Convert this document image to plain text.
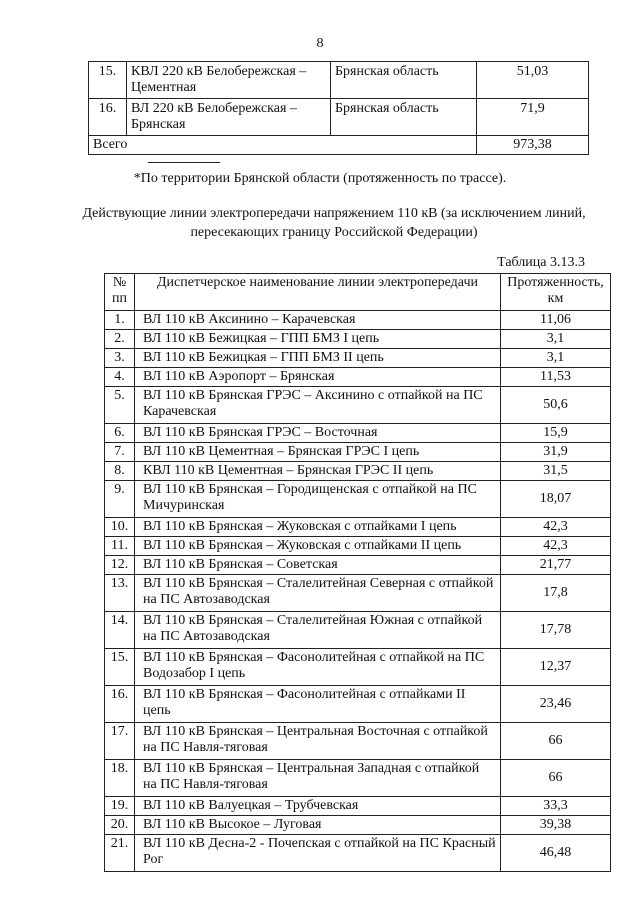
8
15.	КВЛ 220 кВ Белобережская – Цементная	Брянская область	51,03
16.	ВЛ 220 кВ Белобережская – Брянская	Брянская область	71,9
Всего			973,38
*По территории Брянской области (протяженность по трассе).
Действующие линии электропередачи напряжением 110 кВ (за исключением линий, пересекающих границу Российской Федерации)
Таблица 3.13.3
№ пп	Диспетчерское наименование линии электропередачи	Протяженность, км
1.	ВЛ 110 кВ Аксинино – Карачевская	11,06
2.	ВЛ 110 кВ Бежицкая – ГПП БМЗ I цепь	3,1
3.	ВЛ 110 кВ Бежицкая – ГПП БМЗ II цепь	3,1
4.	ВЛ 110 кВ Аэропорт – Брянская	11,53
5.	ВЛ 110 кВ Брянская ГРЭС – Аксинино с отпайкой на ПС Карачевская	50,6
6.	ВЛ 110 кВ Брянская ГРЭС – Восточная	15,9
7.	ВЛ 110 кВ Цементная – Брянская ГРЭС I цепь	31,9
8.	КВЛ 110 кВ Цементная – Брянская ГРЭС II цепь	31,5
9.	ВЛ 110 кВ Брянская – Городищенская с отпайкой на ПС Мичуринская	18,07
10.	ВЛ 110 кВ Брянская – Жуковская с отпайками I цепь	42,3
11.	ВЛ 110 кВ Брянская – Жуковская с отпайками II цепь	42,3
12.	ВЛ 110 кВ Брянская – Советская	21,77
13.	ВЛ 110 кВ Брянская – Сталелитейная Северная с отпайкой на ПС Автозаводская	17,8
14.	ВЛ 110 кВ Брянская – Сталелитейная Южная с отпайкой на ПС Автозаводская	17,78
15.	ВЛ 110 кВ Брянская – Фасонолитейная с отпайкой на ПС Водозабор I цепь	12,37
16.	ВЛ 110 кВ Брянская – Фасонолитейная с отпайками II цепь	23,46
17.	ВЛ 110 кВ Брянская – Центральная Восточная с отпайкой на ПС Навля-тяговая	66
18.	ВЛ 110 кВ Брянская – Центральная Западная с отпайкой на ПС Навля-тяговая	66
19.	ВЛ 110 кВ Валуецкая – Трубчевская	33,3
20.	ВЛ 110 кВ Высокое – Луговая	39,38
21.	ВЛ 110 кВ Десна-2 - Почепская с отпайкой на ПС Красный Рог	46,48
